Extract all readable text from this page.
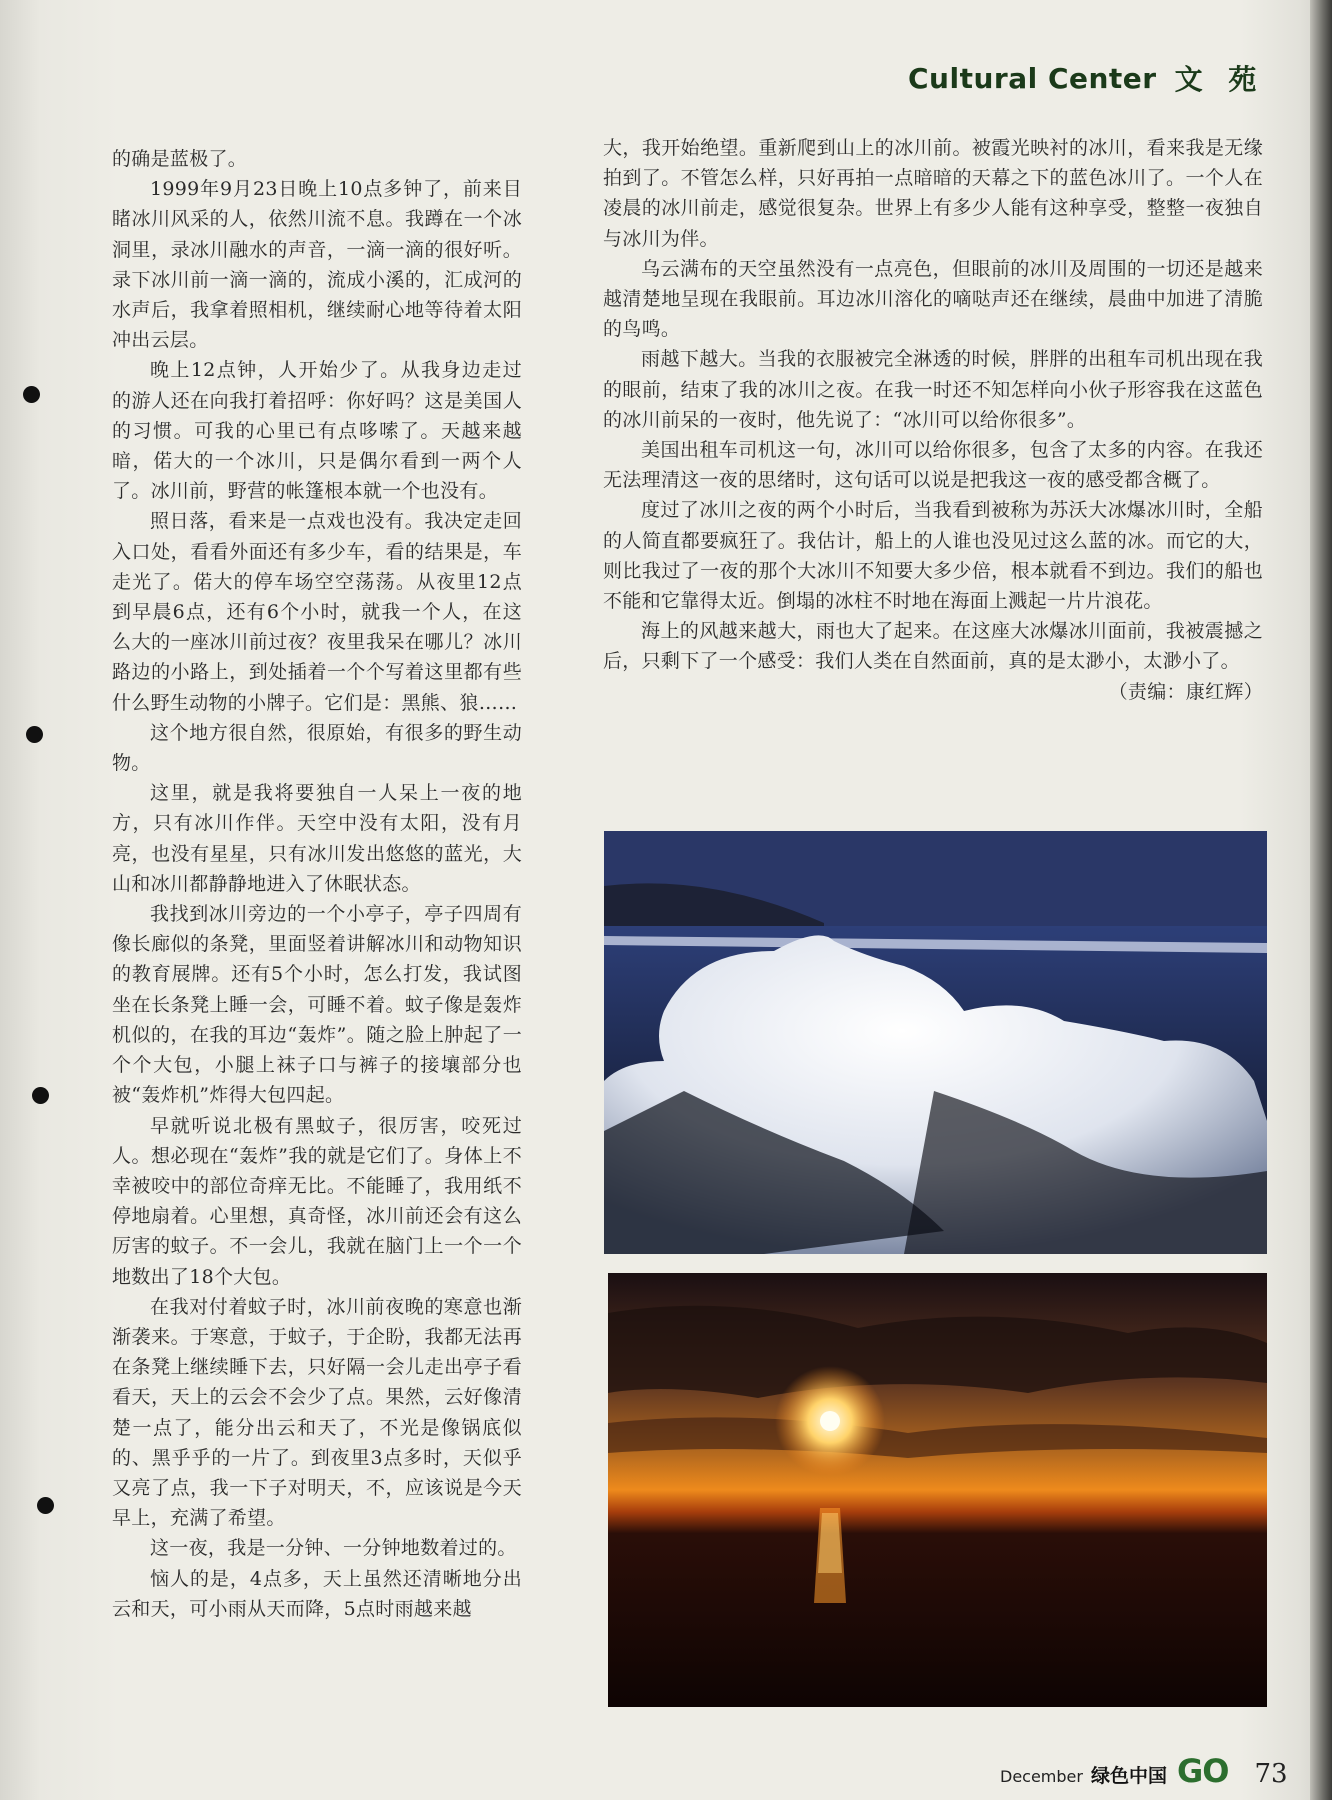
Cultural Center 文 苑

的确是蓝极了。

1999年9月23日晚上10点多钟了，前来目睹冰川风采的人，依然川流不息。我蹲在一个冰洞里，录冰川融水的声音，一滴一滴的很好听。录下冰川前一滴一滴的，流成小溪的，汇成河的水声后，我拿着照相机，继续耐心地等待着太阳冲出云层。

晚上12点钟，人开始少了。从我身边走过的游人还在向我打着招呼：你好吗？这是美国人的习惯。可我的心里已有点哆嗦了。天越来越暗，偌大的一个冰川，只是偶尔看到一两个人了。冰川前，野营的帐篷根本就一个也没有。

照日落，看来是一点戏也没有。我决定走回入口处，看看外面还有多少车，看的结果是，车走光了。偌大的停车场空空荡荡。从夜里12点到早晨6点，还有6个小时，就我一个人，在这么大的一座冰川前过夜？夜里我呆在哪儿？冰川路边的小路上，到处插着一个个写着这里都有些什么野生动物的小牌子。它们是：黑熊、狼……

这个地方很自然，很原始，有很多的野生动物。

这里，就是我将要独自一人呆上一夜的地方，只有冰川作伴。天空中没有太阳，没有月亮，也没有星星，只有冰川发出悠悠的蓝光，大山和冰川都静静地进入了休眠状态。

我找到冰川旁边的一个小亭子，亭子四周有像长廊似的条凳，里面竖着讲解冰川和动物知识的教育展牌。还有5个小时，怎么打发，我试图坐在长条凳上睡一会，可睡不着。蚊子像是轰炸机似的，在我的耳边“轰炸”。随之脸上肿起了一个个大包，小腿上袜子口与裤子的接壤部分也被“轰炸机”炸得大包四起。

早就听说北极有黑蚊子，很厉害，咬死过人。想必现在“轰炸”我的就是它们了。身体上不幸被咬中的部位奇痒无比。不能睡了，我用纸不停地扇着。心里想，真奇怪，冰川前还会有这么厉害的蚊子。不一会儿，我就在脑门上一个一个地数出了18个大包。

在我对付着蚊子时，冰川前夜晚的寒意也渐渐袭来。于寒意，于蚊子，于企盼，我都无法再在条凳上继续睡下去，只好隔一会儿走出亭子看看天，天上的云会不会少了点。果然，云好像清楚一点了，能分出云和天了，不光是像锅底似的、黑乎乎的一片了。到夜里3点多时，天似乎又亮了点，我一下子对明天，不，应该说是今天早上，充满了希望。

这一夜，我是一分钟、一分钟地数着过的。

恼人的是，4点多，天上虽然还清晰地分出云和天，可小雨从天而降，5点时雨越来越

大，我开始绝望。重新爬到山上的冰川前。被霞光映衬的冰川，看来我是无缘拍到了。不管怎么样，只好再拍一点暗暗的天幕之下的蓝色冰川了。一个人在凌晨的冰川前走，感觉很复杂。世界上有多少人能有这种享受，整整一夜独自与冰川为伴。

乌云满布的天空虽然没有一点亮色，但眼前的冰川及周围的一切还是越来越清楚地呈现在我眼前。耳边冰川溶化的嘀哒声还在继续，晨曲中加进了清脆的鸟鸣。

雨越下越大。当我的衣服被完全淋透的时候，胖胖的出租车司机出现在我的眼前，结束了我的冰川之夜。在我一时还不知怎样向小伙子形容我在这蓝色的冰川前呆的一夜时，他先说了：“冰川可以给你很多”。

美国出租车司机这一句，冰川可以给你很多，包含了太多的内容。在我还无法理清这一夜的思绪时，这句话可以说是把我这一夜的感受都含概了。

度过了冰川之夜的两个小时后，当我看到被称为苏沃大冰爆冰川时，全船的人简直都要疯狂了。我估计，船上的人谁也没见过这么蓝的冰。而它的大，则比我过了一夜的那个大冰川不知要大多少倍，根本就看不到边。我们的船也不能和它靠得太近。倒塌的冰柱不时地在海面上溅起一片片浪花。

海上的风越来越大，雨也大了起来。在这座大冰爆冰川面前，我被震撼之后，只剩下了一个感受：我们人类在自然面前，真的是太渺小，太渺小了。

（责编：康红辉）

December 绿色中国 GO 73
